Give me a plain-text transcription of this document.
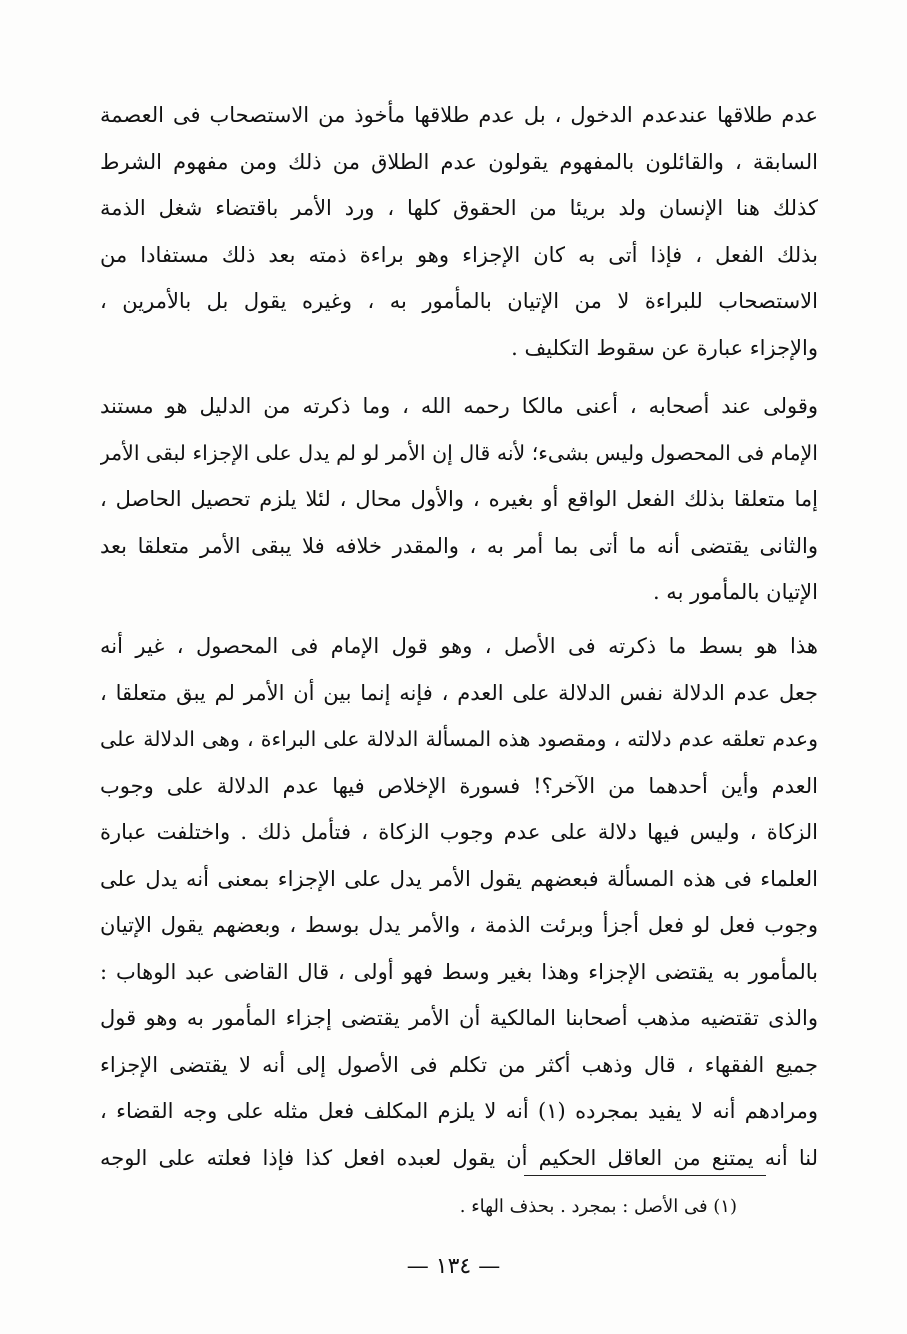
عدم طلاقها عندعدم الدخول ، بل عدم طلاقها مأخوذ من الاستصحاب فى العصمة
السابقة ، والقائلون بالمفهوم يقولون عدم الطلاق من ذلك ومن مفهوم الشرط
كذلك هنا الإنسان ولد بريئا من الحقوق كلها ، ورد الأمر باقتضاء شغل الذمة
بذلك الفعل ، فإذا أتى به كان الإجزاء وهو براءة ذمته بعد ذلك مستفادا من
الاستصحاب للبراءة لا من الإتيان بالمأمور به ، وغيره يقول بل بالأمرين ،
والإجزاء عبارة عن سقوط التكليف .
وقولى عند أصحابه ، أعنى مالكا رحمه الله ، وما ذكرته من الدليل هو مستند
الإمام فى المحصول وليس بشىء؛ لأنه قال إن الأمر لو لم يدل على الإجزاء لبقى الأمر
إما متعلقا بذلك الفعل الواقع أو بغيره ، والأول محال ، لئلا يلزم تحصيل الحاصل ،
والثانى يقتضى أنه ما أتى بما أمر به ، والمقدر خلافه فلا يبقى الأمر متعلقا بعد
الإتيان بالمأمور به .
هذا هو بسط ما ذكرته فى الأصل ، وهو قول الإمام فى المحصول ، غير أنه
جعل عدم الدلالة نفس الدلالة على العدم ، فإنه إنما بين أن الأمر لم يبق متعلقا ،
وعدم تعلقه عدم دلالته ، ومقصود هذه المسألة الدلالة على البراءة ، وهى الدلالة على
العدم وأين أحدهما من الآخر؟! فسورة الإخلاص فيها عدم الدلالة على وجوب
الزكاة ، وليس فيها دلالة على عدم وجوب الزكاة ، فتأمل ذلك . واختلفت عبارة
العلماء فى هذه المسألة فبعضهم يقول الأمر يدل على الإجزاء بمعنى أنه يدل على
وجوب فعل لو فعل أجزأ وبرئت الذمة ، والأمر يدل بوسط ، وبعضهم يقول الإتيان
بالمأمور به يقتضى الإجزاء وهذا بغير وسط فهو أولى ، قال القاضى عبد الوهاب :
والذى تقتضيه مذهب أصحابنا المالكية أن الأمر يقتضى إجزاء المأمور به وهو قول
جميع الفقهاء ، قال وذهب أكثر من تكلم فى الأصول إلى أنه لا يقتضى الإجزاء
ومرادهم أنه لا يفيد بمجرده (١) أنه لا يلزم المكلف فعل مثله على وجه القضاء ،
لنا أنه يمتنع من العاقل الحكيم أن يقول لعبده افعل كذا فإذا فعلته على الوجه
(١) فى الأصل : بمجرد . بحذف الهاء .
— ١٣٤ —
